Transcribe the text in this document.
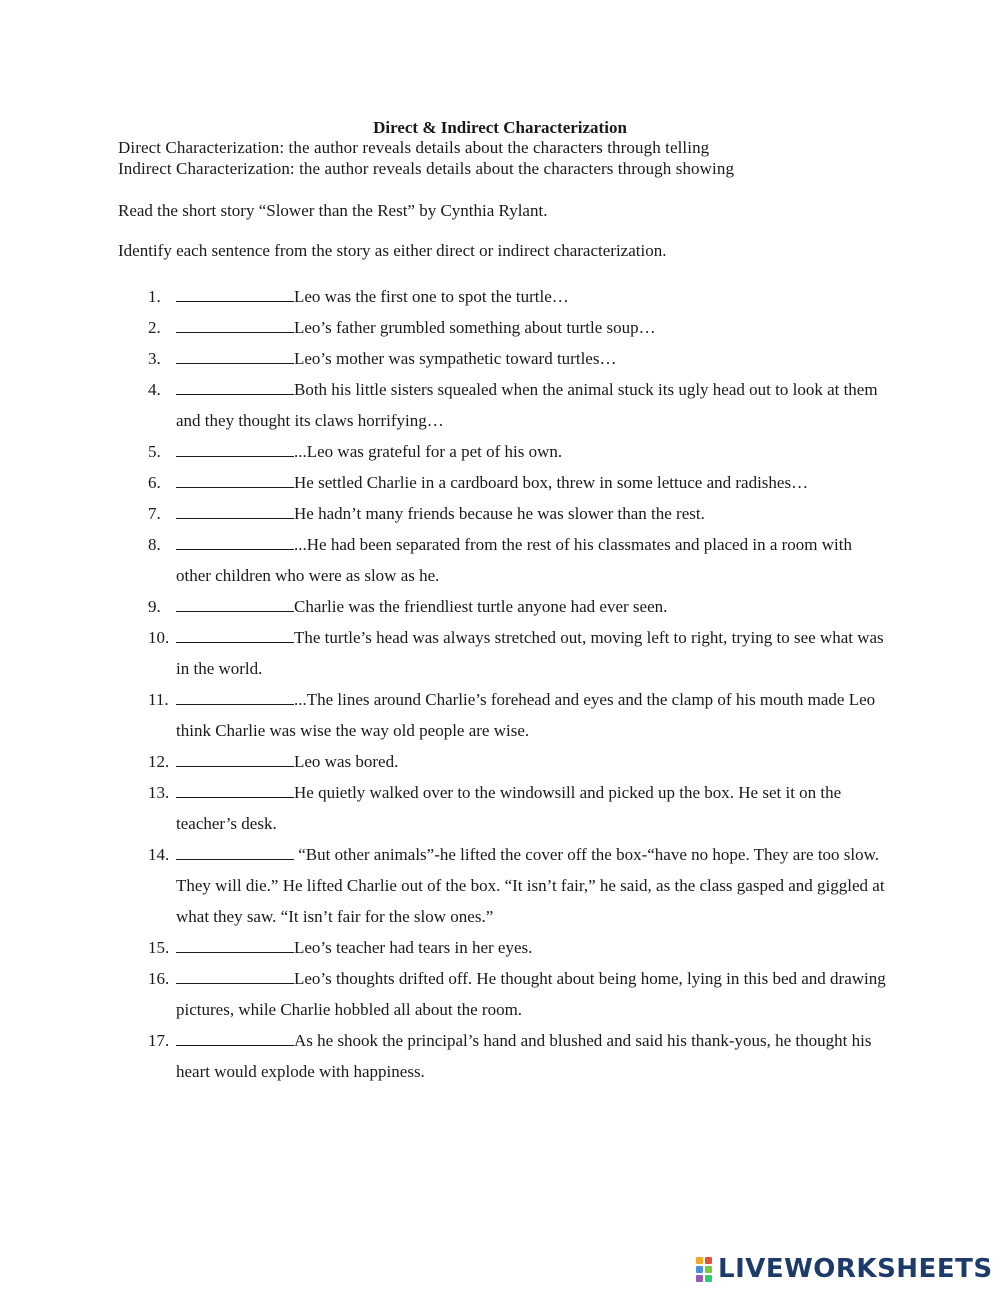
Direct & Indirect Characterization

Direct Characterization: the author reveals details about the characters through telling

Indirect Characterization: the author reveals details about the characters through showing

Read the short story “Slower than the Rest” by Cynthia Rylant.

Identify each sentence from the story as either direct or indirect characterization.

1.	Leo was the first one to spot the turtle…
2.	Leo’s father grumbled something about turtle soup…
3.	Leo’s mother was sympathetic toward turtles…
4.	Both his little sisters squealed when the animal stuck its ugly head out to look at them and they thought its claws horrifying…
5.	...Leo was grateful for a pet of his own.
6.	He settled Charlie in a cardboard box, threw in some lettuce and radishes…
7.	He hadn’t many friends because he was slower than the rest.
8.	...He had been separated from the rest of his classmates and placed in a room with other children who were as slow as he.
9.	Charlie was the friendliest turtle anyone had ever seen.
10.	The turtle’s head was always stretched out, moving left to right, trying to see what was in the world.
11.	...The lines around Charlie’s forehead and eyes and the clamp of his mouth made Leo think Charlie was wise the way old people are wise.
12.	Leo was bored.
13.	He quietly walked over to the windowsill and picked up the box. He set it on the teacher’s desk.
14.	“But other animals”-he lifted the cover off the box-“have no hope. They are too slow. They will die.” He lifted Charlie out of the box. “It isn’t fair,” he said, as the class gasped and giggled at what they saw. “It isn’t fair for the slow ones.”
15.	Leo’s teacher had tears in her eyes.
16.	Leo’s thoughts drifted off. He thought about being home, lying in this bed and drawing pictures, while Charlie hobbled all about the room.
17.	As he shook the principal’s hand and blushed and said his thank-yous, he thought his heart would explode with happiness.
LIVEWORKSHEETS
